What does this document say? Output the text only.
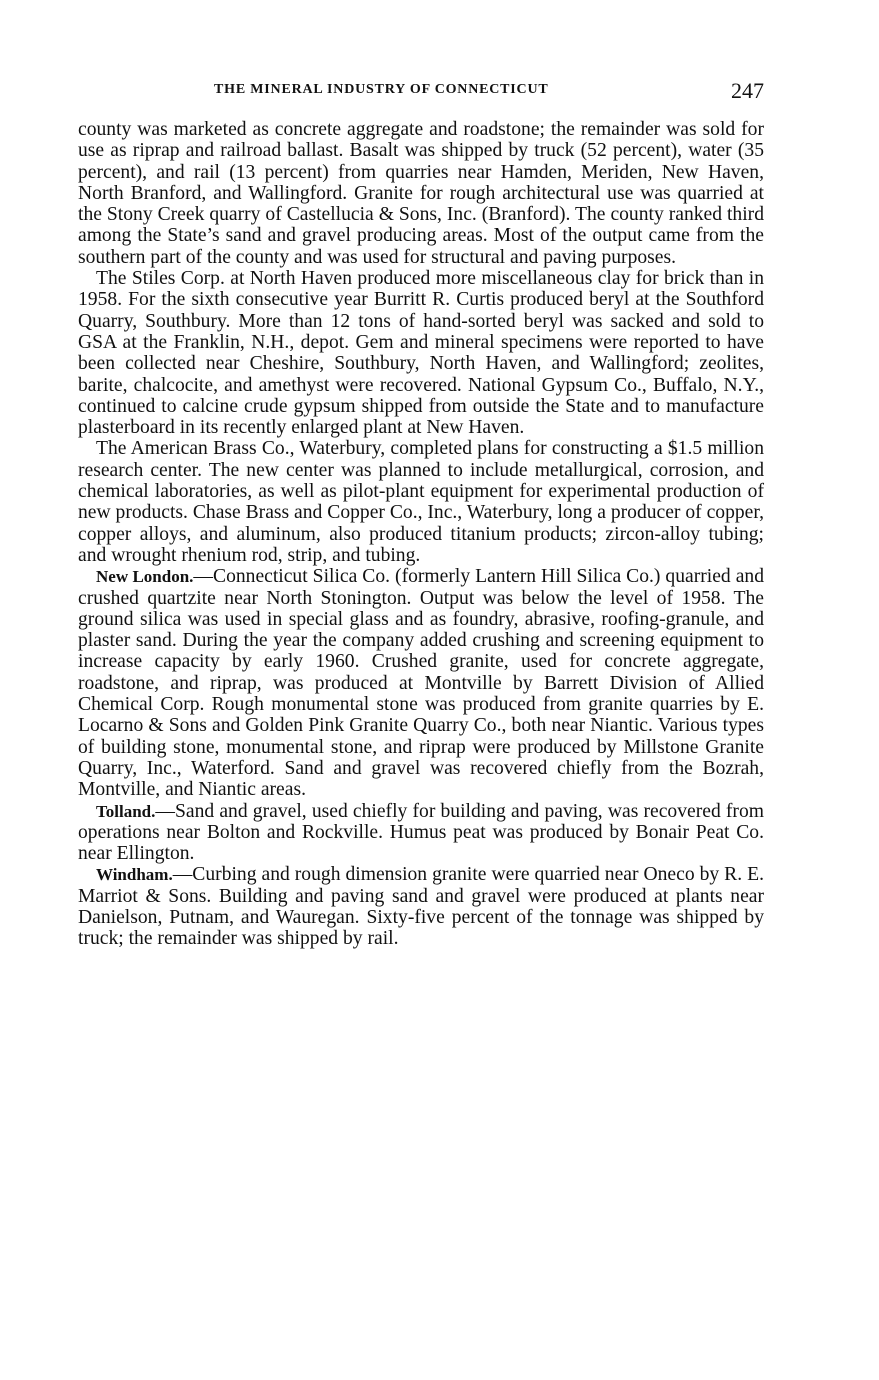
THE MINERAL INDUSTRY OF CONNECTICUT	247

county was marketed as concrete aggregate and roadstone; the remainder was sold for use as riprap and railroad ballast. Basalt was shipped by truck (52 percent), water (35 percent), and rail (13 percent) from quarries near Hamden, Meriden, New Haven, North Branford, and Wallingford. Granite for rough architectural use was quarried at the Stony Creek quarry of Castellucia & Sons, Inc. (Branford). The county ranked third among the State’s sand and gravel producing areas. Most of the output came from the southern part of the county and was used for structural and paving purposes.

The Stiles Corp. at North Haven produced more miscellaneous clay for brick than in 1958. For the sixth consecutive year Burritt R. Curtis produced beryl at the Southford Quarry, Southbury. More than 12 tons of hand-sorted beryl was sacked and sold to GSA at the Franklin, N.H., depot. Gem and mineral specimens were reported to have been collected near Cheshire, Southbury, North Haven, and Wallingford; zeolites, barite, chalcocite, and amethyst were recovered. National Gypsum Co., Buffalo, N.Y., continued to calcine crude gypsum shipped from outside the State and to manufacture plasterboard in its recently enlarged plant at New Haven.

The American Brass Co., Waterbury, completed plans for constructing a $1.5 million research center. The new center was planned to include metallurgical, corrosion, and chemical laboratories, as well as pilot-plant equipment for experimental production of new products. Chase Brass and Copper Co., Inc., Waterbury, long a producer of copper, copper alloys, and aluminum, also produced titanium products; zircon-alloy tubing; and wrought rhenium rod, strip, and tubing.

New London.—Connecticut Silica Co. (formerly Lantern Hill Silica Co.) quarried and crushed quartzite near North Stonington. Output was below the level of 1958. The ground silica was used in special glass and as foundry, abrasive, roofing-granule, and plaster sand. During the year the company added crushing and screening equipment to increase capacity by early 1960. Crushed granite, used for concrete aggregate, roadstone, and riprap, was produced at Montville by Barrett Division of Allied Chemical Corp. Rough monumental stone was produced from granite quarries by E. Locarno & Sons and Golden Pink Granite Quarry Co., both near Niantic. Various types of building stone, monumental stone, and riprap were produced by Millstone Granite Quarry, Inc., Waterford. Sand and gravel was recovered chiefly from the Bozrah, Montville, and Niantic areas.

Tolland.—Sand and gravel, used chiefly for building and paving, was recovered from operations near Bolton and Rockville. Humus peat was produced by Bonair Peat Co. near Ellington.

Windham.—Curbing and rough dimension granite were quarried near Oneco by R. E. Marriot & Sons. Building and paving sand and gravel were produced at plants near Danielson, Putnam, and Wauregan. Sixty-five percent of the tonnage was shipped by truck; the remainder was shipped by rail.
